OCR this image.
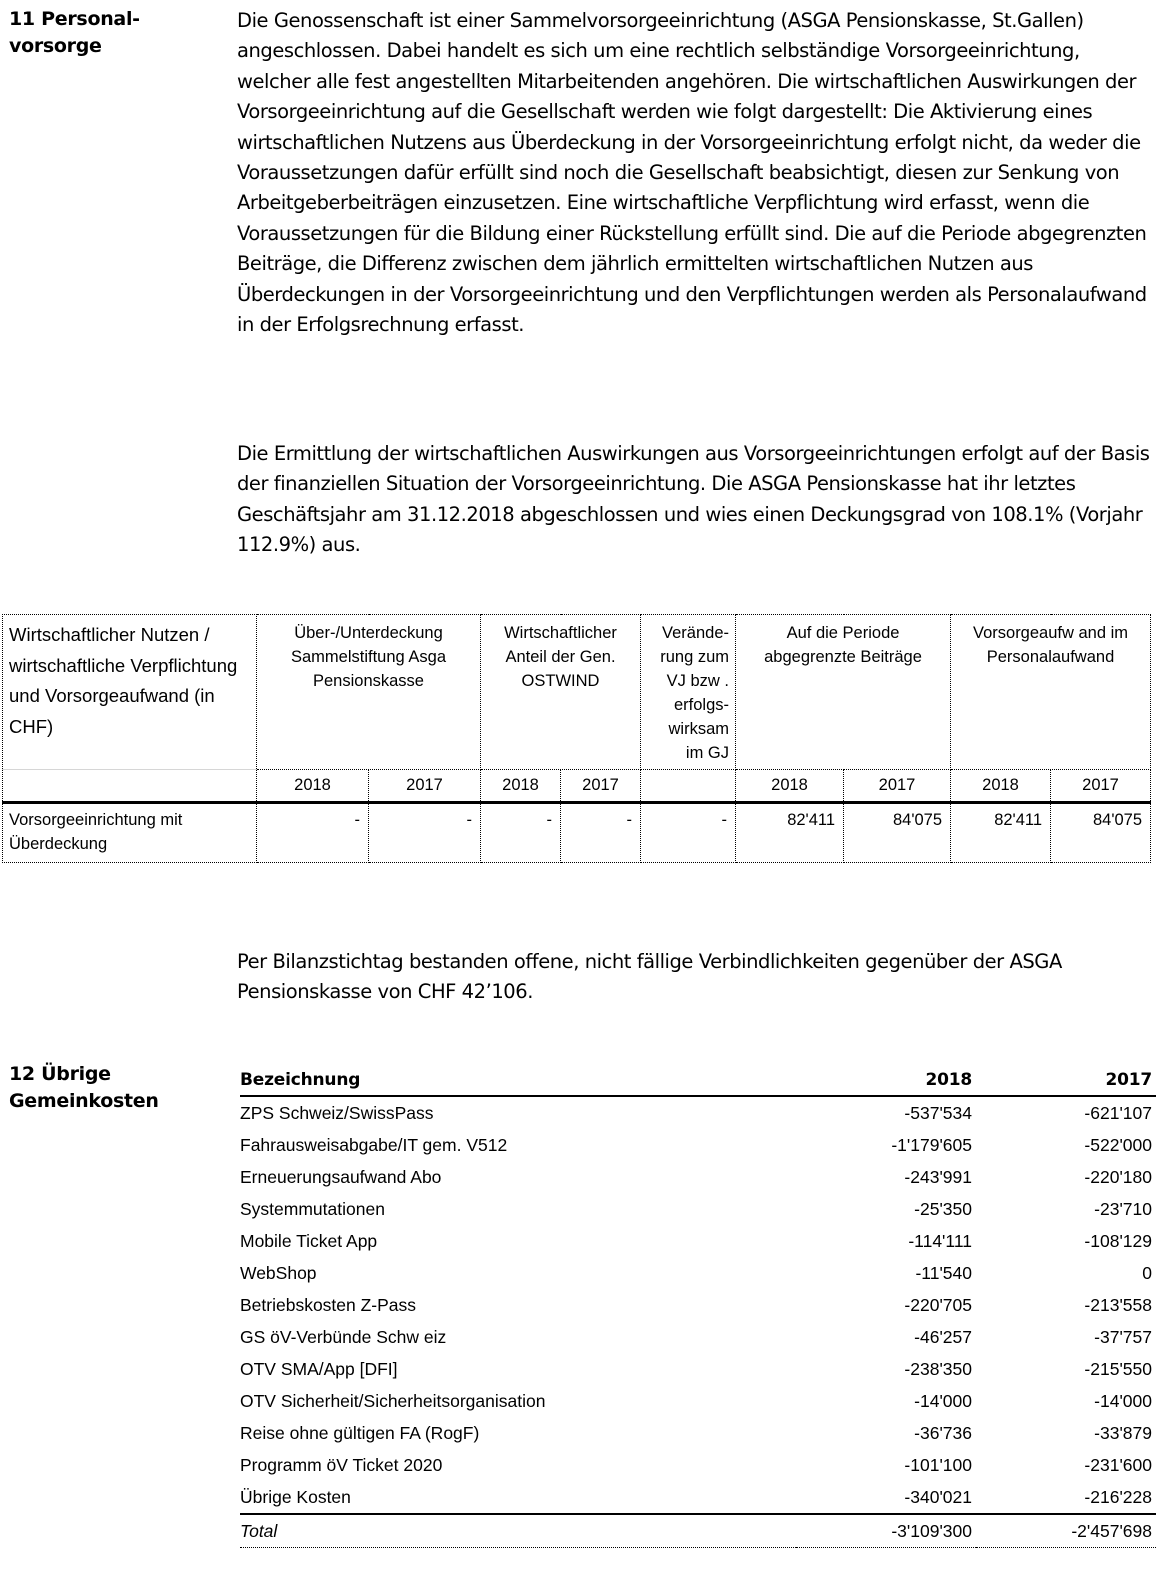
11 Personal-
vorsorge
Die Genossenschaft ist einer Sammelvorsorgeeinrichtung (ASGA Pensionskasse, St.Gallen) angeschlossen. Dabei handelt es sich um eine rechtlich selbständige Vorsorgeeinrichtung, welcher alle fest angestellten Mitarbeitenden angehören. Die wirtschaftlichen Auswirkungen der Vorsorgeeinrichtung auf die Gesellschaft werden wie folgt dargestellt: Die Aktivierung eines wirtschaftlichen Nutzens aus Überdeckung in der Vorsorgeeinrichtung erfolgt nicht, da weder die Voraussetzungen dafür erfüllt sind noch die Gesellschaft beabsichtigt, diesen zur Senkung von Arbeitgeberbeiträgen einzusetzen. Eine wirtschaftliche Verpflichtung wird erfasst, wenn die Voraussetzungen für die Bildung einer Rückstellung erfüllt sind. Die auf die Periode abgegrenzten Beiträge, die Differenz zwischen dem jährlich ermittelten wirtschaftlichen Nutzen aus Überdeckungen in der Vorsorgeeinrichtung und den Verpflichtungen werden als Personalaufwand in der Erfolgsrechnung erfasst.
Die Ermittlung der wirtschaftlichen Auswirkungen aus Vorsorgeeinrichtungen erfolgt auf der Basis der finanziellen Situation der Vorsorgeeinrichtung. Die ASGA Pensionskasse hat ihr letztes Geschäftsjahr am 31.12.2018 abgeschlossen und wies einen Deckungsgrad von 108.1% (Vorjahr 112.9%) aus.
Wirtschaftlicher Nutzen / wirtschaftliche Verpflichtung und Vorsorgeaufwand (in CHF)	Über-/Unterdeckung Sammelstiftung Asga Pensionskasse		Wirtschaftlicher Anteil der Gen. OSTWIND		Verände- rung zum VJ bzw . erfolgs- wirksam im GJ	Auf die Periode abgegrenzte Beiträge		Vorsorgeaufw and im Personalaufwand	
	2018	2017	2018	2017		2018	2017	2018	2017
Vorsorgeeinrichtung mit Überdeckung	-	-	-	-	-	82'411	84'075	82'411	84'075
Per Bilanzstichtag bestanden offene, nicht fällige Verbindlichkeiten gegenüber der ASGA Pensionskasse von CHF 42’106.
12 Übrige
Gemeinkosten
Bezeichnung	2018	2017
ZPS Schweiz/SwissPass	-537'534	-621'107
Fahrausweisabgabe/IT gem. V512	-1'179'605	-522'000
Erneuerungsaufwand Abo	-243'991	-220'180
Systemmutationen	-25'350	-23'710
Mobile Ticket App	-114'111	-108'129
WebShop	-11'540	0
Betriebskosten Z-Pass	-220'705	-213'558
GS öV-Verbünde Schw eiz	-46'257	-37'757
OTV SMA/App [DFI]	-238'350	-215'550
OTV Sicherheit/Sicherheitsorganisation	-14'000	-14'000
Reise ohne gültigen FA (RogF)	-36'736	-33'879
Programm öV Ticket 2020	-101'100	-231'600
Übrige Kosten	-340'021	-216'228
Total	-3'109'300	-2'457'698
